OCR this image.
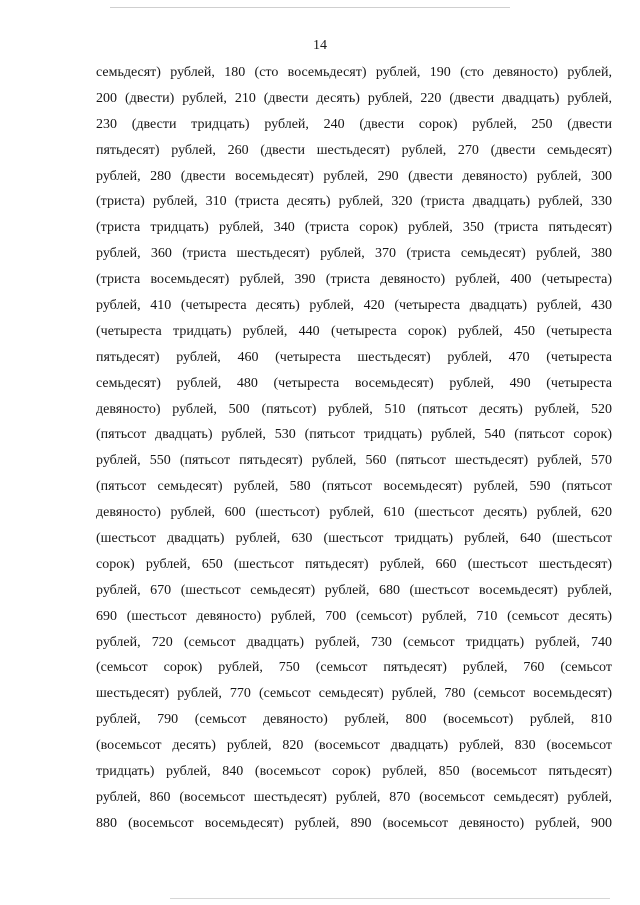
14
семьдесят) рублей, 180 (сто восемьдесят) рублей, 190 (сто девяносто) рублей,
200 (двести) рублей, 210 (двести десять) рублей, 220 (двести двадцать) рублей,
230 (двести тридцать) рублей, 240 (двести сорок) рублей, 250 (двести
пятьдесят) рублей, 260 (двести шестьдесят) рублей, 270 (двести семьдесят)
рублей, 280 (двести восемьдесят) рублей, 290 (двести девяносто) рублей, 300
(триста) рублей, 310 (триста десять) рублей, 320 (триста двадцать) рублей, 330
(триста тридцать) рублей, 340 (триста сорок) рублей, 350 (триста пятьдесят)
рублей, 360 (триста шестьдесят) рублей, 370 (триста семьдесят) рублей, 380
(триста восемьдесят) рублей, 390 (триста девяносто) рублей, 400 (четыреста)
рублей, 410 (четыреста десять) рублей, 420 (четыреста двадцать) рублей, 430
(четыреста тридцать) рублей, 440 (четыреста сорок) рублей, 450 (четыреста
пятьдесят) рублей, 460 (четыреста шестьдесят) рублей, 470 (четыреста
семьдесят) рублей, 480 (четыреста восемьдесят) рублей, 490 (четыреста
девяноcто) рублей, 500 (пятьсот) рублей, 510 (пятьсот десять) рублей, 520
(пятьсот двадцать) рублей, 530 (пятьсот тридцать) рублей, 540 (пятьсот сорок)
рублей, 550 (пятьсот пятьдесят) рублей, 560 (пятьсот шестьдесят) рублей, 570
(пятьсот семьдесят) рублей, 580 (пятьсот восемьдесят) рублей, 590 (пятьсот
девяносто) рублей, 600 (шестьсот) рублей, 610 (шестьсот десять) рублей, 620
(шестьсот двадцать) рублей, 630 (шестьсот тридцать) рублей, 640 (шестьсот
сорок) рублей, 650 (шестьсот пятьдесят) рублей, 660 (шестьсот шестьдесят)
рублей, 670 (шестьсот семьдесят) рублей, 680 (шестьсот восемьдесят) рублей,
690 (шестьсот девяносто) рублей, 700 (семьсот) рублей, 710 (семьсот десять)
рублей, 720 (семьсот двадцать) рублей, 730 (семьсот тридцать) рублей, 740
(семьсот сорок) рублей, 750 (семьсот пятьдесят) рублей, 760 (семьсот
шестьдесят) рублей, 770 (семьсот семьдесят) рублей, 780 (семьсот восемьдесят)
рублей, 790 (семьсот девяносто) рублей, 800 (восемьсот) рублей, 810
(восемьсот десять) рублей, 820 (восемьсот двадцать) рублей, 830 (восемьсот
тридцать) рублей, 840 (восемьсот сорок) рублей, 850 (восемьсот пятьдесят)
рублей, 860 (восемьсот шестьдесят) рублей, 870 (восемьсот семьдесят) рублей,
880 (восемьсот восемьдесят) рублей, 890 (восемьсот девяносто) рублей, 900
